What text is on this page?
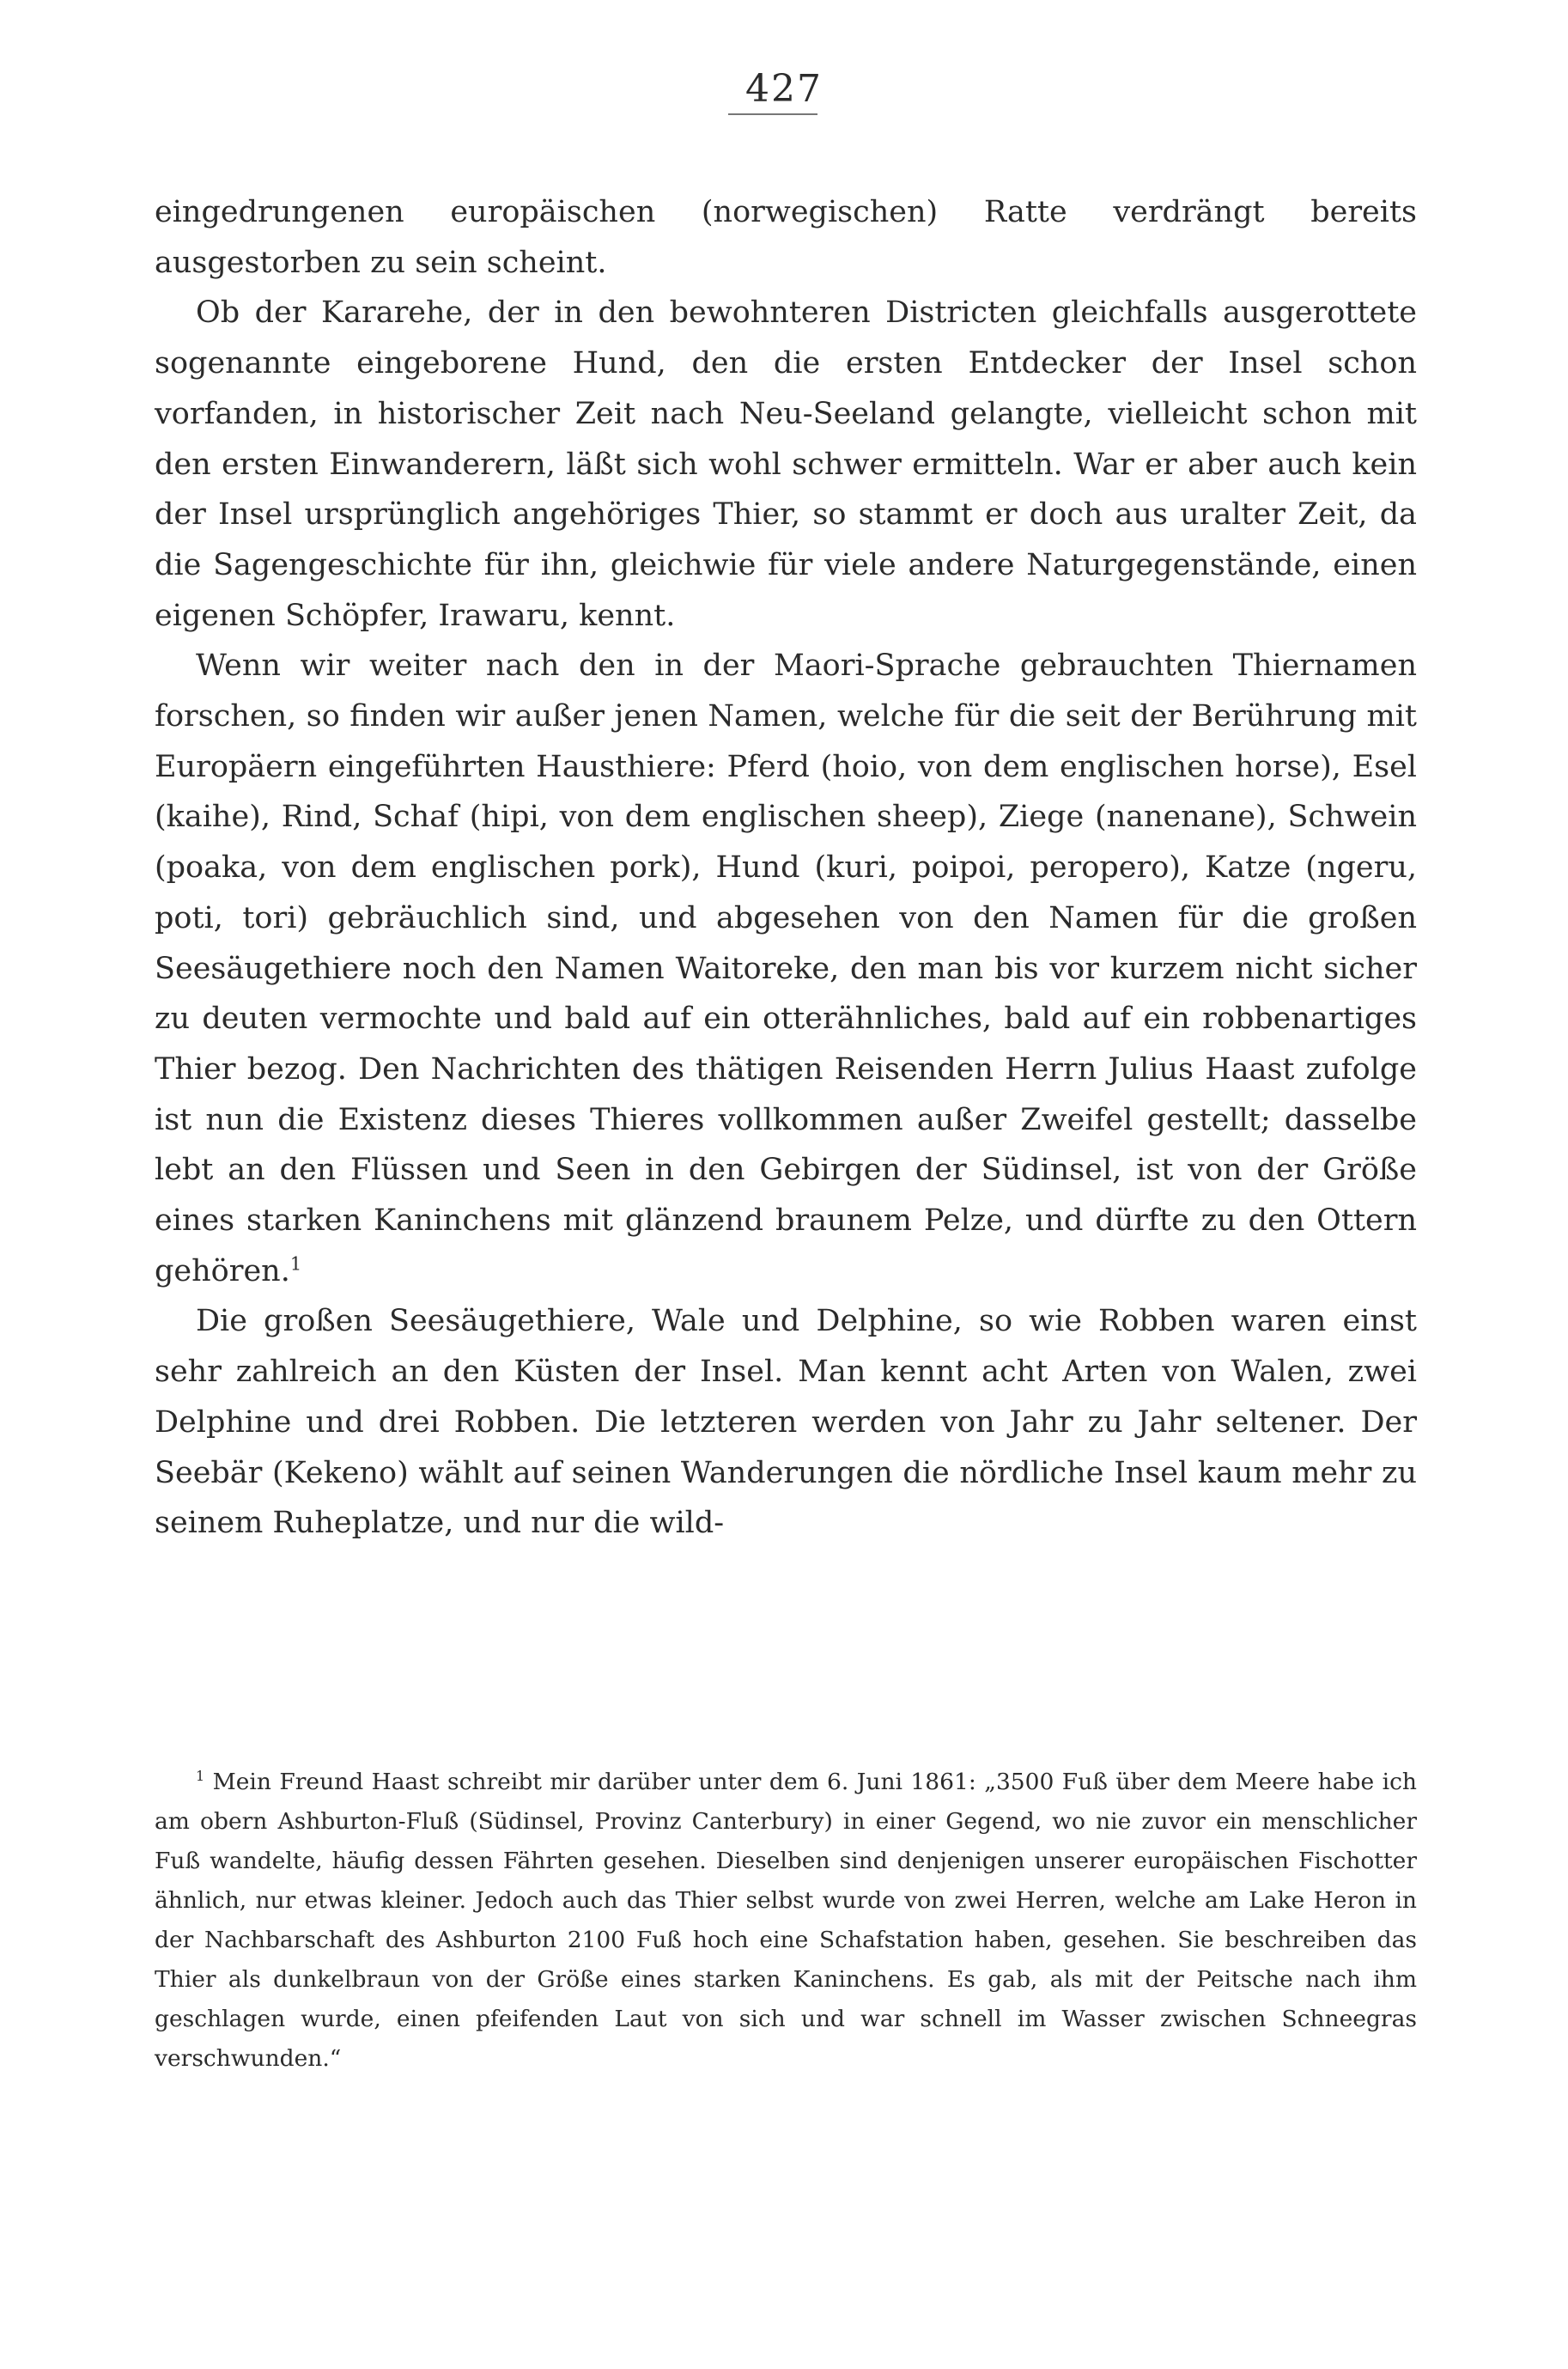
427

eingedrungenen europäischen (norwegischen) Ratte verdrängt bereits ausgestorben zu sein scheint.

Ob der Kararehe, der in den bewohnteren Districten gleichfalls ausgerottete sogenannte eingeborene Hund, den die ersten Entdecker der Insel schon vorfanden, in historischer Zeit nach Neu-Seeland gelangte, vielleicht schon mit den ersten Einwanderern, läßt sich wohl schwer ermitteln. War er aber auch kein der Insel ursprünglich angehöriges Thier, so stammt er doch aus uralter Zeit, da die Sagengeschichte für ihn, gleichwie für viele andere Naturgegenstände, einen eigenen Schöpfer, Irawaru, kennt.

Wenn wir weiter nach den in der Maori-Sprache gebrauchten Thiernamen forschen, so finden wir außer jenen Namen, welche für die seit der Berührung mit Europäern eingeführten Hausthiere: Pferd (hoio, von dem englischen horse), Esel (kaihe), Rind, Schaf (hipi, von dem englischen sheep), Ziege (nanenane), Schwein (poaka, von dem englischen pork), Hund (kuri, poipoi, peropero), Katze (ngeru, poti, tori) gebräuchlich sind, und abgesehen von den Namen für die großen Seesäugethiere noch den Namen Waitoreke, den man bis vor kurzem nicht sicher zu deuten vermochte und bald auf ein otterähnliches, bald auf ein robbenartiges Thier bezog. Den Nachrichten des thätigen Reisenden Herrn Julius Haast zufolge ist nun die Existenz dieses Thieres vollkommen außer Zweifel gestellt; dasselbe lebt an den Flüssen und Seen in den Gebirgen der Südinsel, ist von der Größe eines starken Kaninchens mit glänzend braunem Pelze, und dürfte zu den Ottern gehören.$^1$

Die großen Seesäugethiere, Wale und Delphine, so wie Robben waren einst sehr zahlreich an den Küsten der Insel. Man kennt acht Arten von Walen, zwei Delphine und drei Robben. Die letzteren werden von Jahr zu Jahr seltener. Der Seebär (Kekeno) wählt auf seinen Wanderungen die nördliche Insel kaum mehr zu seinem Ruheplatze, und nur die wild-

$^1$ Mein Freund Haast schreibt mir darüber unter dem 6. Juni 1861: „3500 Fuß über dem Meere habe ich am obern Ashburton-Fluß (Südinsel, Provinz Canterbury) in einer Gegend, wo nie zuvor ein menschlicher Fuß wandelte, häufig dessen Fährten gesehen. Dieselben sind denjenigen unserer europäischen Fischotter ähnlich, nur etwas kleiner. Jedoch auch das Thier selbst wurde von zwei Herren, welche am Lake Heron in der Nachbarschaft des Ashburton 2100 Fuß hoch eine Schafstation haben, gesehen. Sie beschreiben das Thier als dunkelbraun von der Größe eines starken Kaninchens. Es gab, als mit der Peitsche nach ihm geschlagen wurde, einen pfeifenden Laut von sich und war schnell im Wasser zwischen Schneegras verschwunden.“
